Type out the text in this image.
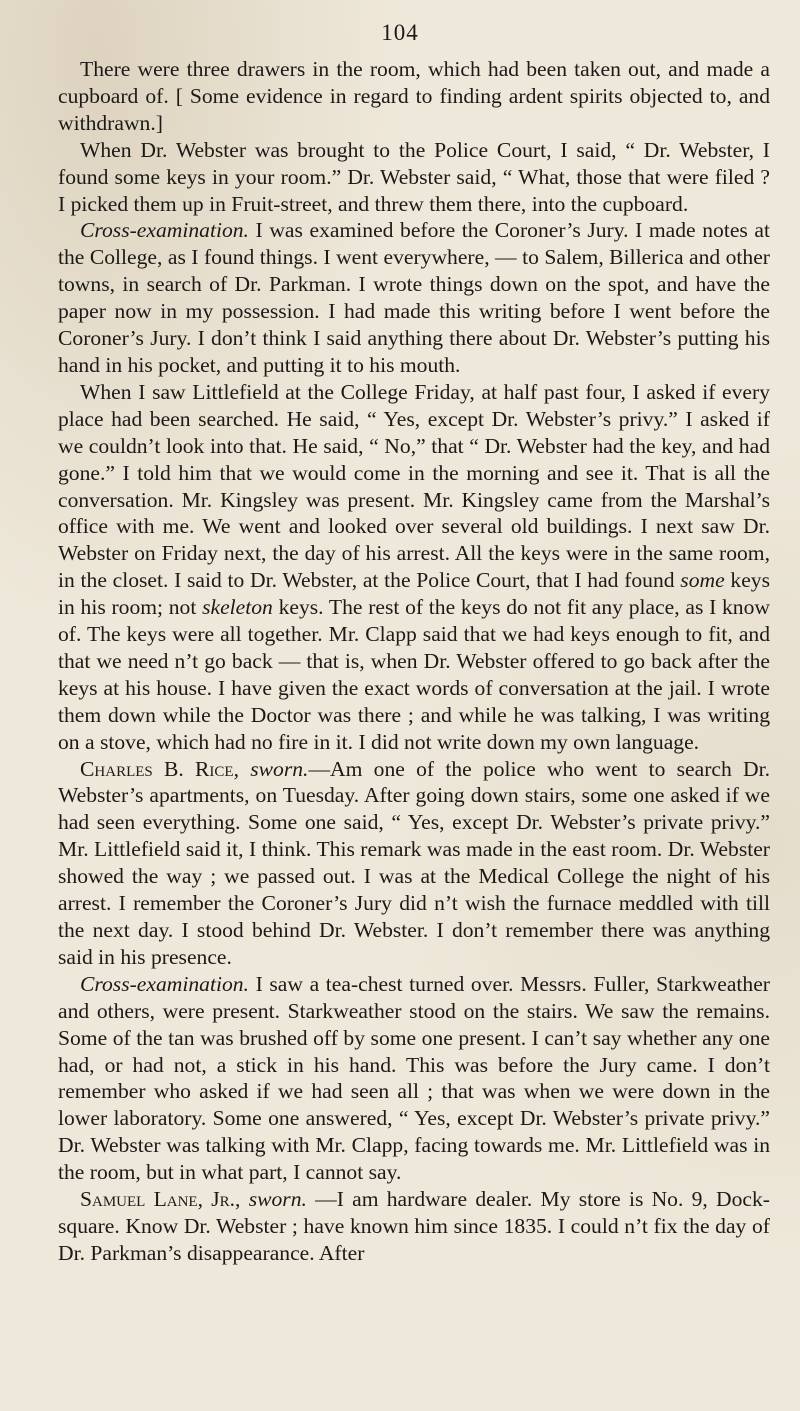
104

There were three drawers in the room, which had been taken out, and made a cupboard of. [ Some evidence in regard to finding ardent spirits objected to, and withdrawn.]

When Dr. Webster was brought to the Police Court, I said, “ Dr. Webster, I found some keys in your room.” Dr. Webster said, “ What, those that were filed ? I picked them up in Fruit-street, and threw them there, into the cupboard.

Cross-examination. I was examined before the Coroner’s Jury. I made notes at the College, as I found things. I went everywhere, — to Salem, Billerica and other towns, in search of Dr. Parkman. I wrote things down on the spot, and have the paper now in my possession. I had made this writing before I went before the Coroner’s Jury. I don’t think I said anything there about Dr. Webster’s putting his hand in his pocket, and putting it to his mouth.

When I saw Littlefield at the College Friday, at half past four, I asked if every place had been searched. He said, “ Yes, except Dr. Webster’s privy.” I asked if we couldn’t look into that. He said, “ No,” that “ Dr. Webster had the key, and had gone.” I told him that we would come in the morning and see it. That is all the conversation. Mr. Kingsley was present. Mr. Kingsley came from the Marshal’s office with me. We went and looked over several old buildings. I next saw Dr. Webster on Friday next, the day of his arrest. All the keys were in the same room, in the closet. I said to Dr. Webster, at the Police Court, that I had found some keys in his room; not skeleton keys. The rest of the keys do not fit any place, as I know of. The keys were all together. Mr. Clapp said that we had keys enough to fit, and that we need n’t go back — that is, when Dr. Webster offered to go back after the keys at his house. I have given the exact words of conversation at the jail. I wrote them down while the Doctor was there ; and while he was talking, I was writing on a stove, which had no fire in it. I did not write down my own language.

Charles B. Rice, sworn.—Am one of the police who went to search Dr. Webster’s apartments, on Tuesday. After going down stairs, some one asked if we had seen everything. Some one said, “ Yes, except Dr. Webster’s private privy.” Mr. Littlefield said it, I think. This remark was made in the east room. Dr. Webster showed the way ; we passed out. I was at the Medical College the night of his arrest. I remember the Coroner’s Jury did n’t wish the furnace meddled with till the next day. I stood behind Dr. Webster. I don’t remember there was anything said in his presence.

Cross-examination. I saw a tea-chest turned over. Messrs. Fuller, Starkweather and others, were present. Starkweather stood on the stairs. We saw the remains. Some of the tan was brushed off by some one present. I can’t say whether any one had, or had not, a stick in his hand. This was before the Jury came. I don’t remember who asked if we had seen all ; that was when we were down in the lower laboratory. Some one answered, “ Yes, except Dr. Webster’s private privy.” Dr. Webster was talking with Mr. Clapp, facing towards me. Mr. Littlefield was in the room, but in what part, I cannot say.

Samuel Lane, Jr., sworn. —I am hardware dealer. My store is No. 9, Dock-square. Know Dr. Webster ; have known him since 1835. I could n’t fix the day of Dr. Parkman’s disappearance. After
